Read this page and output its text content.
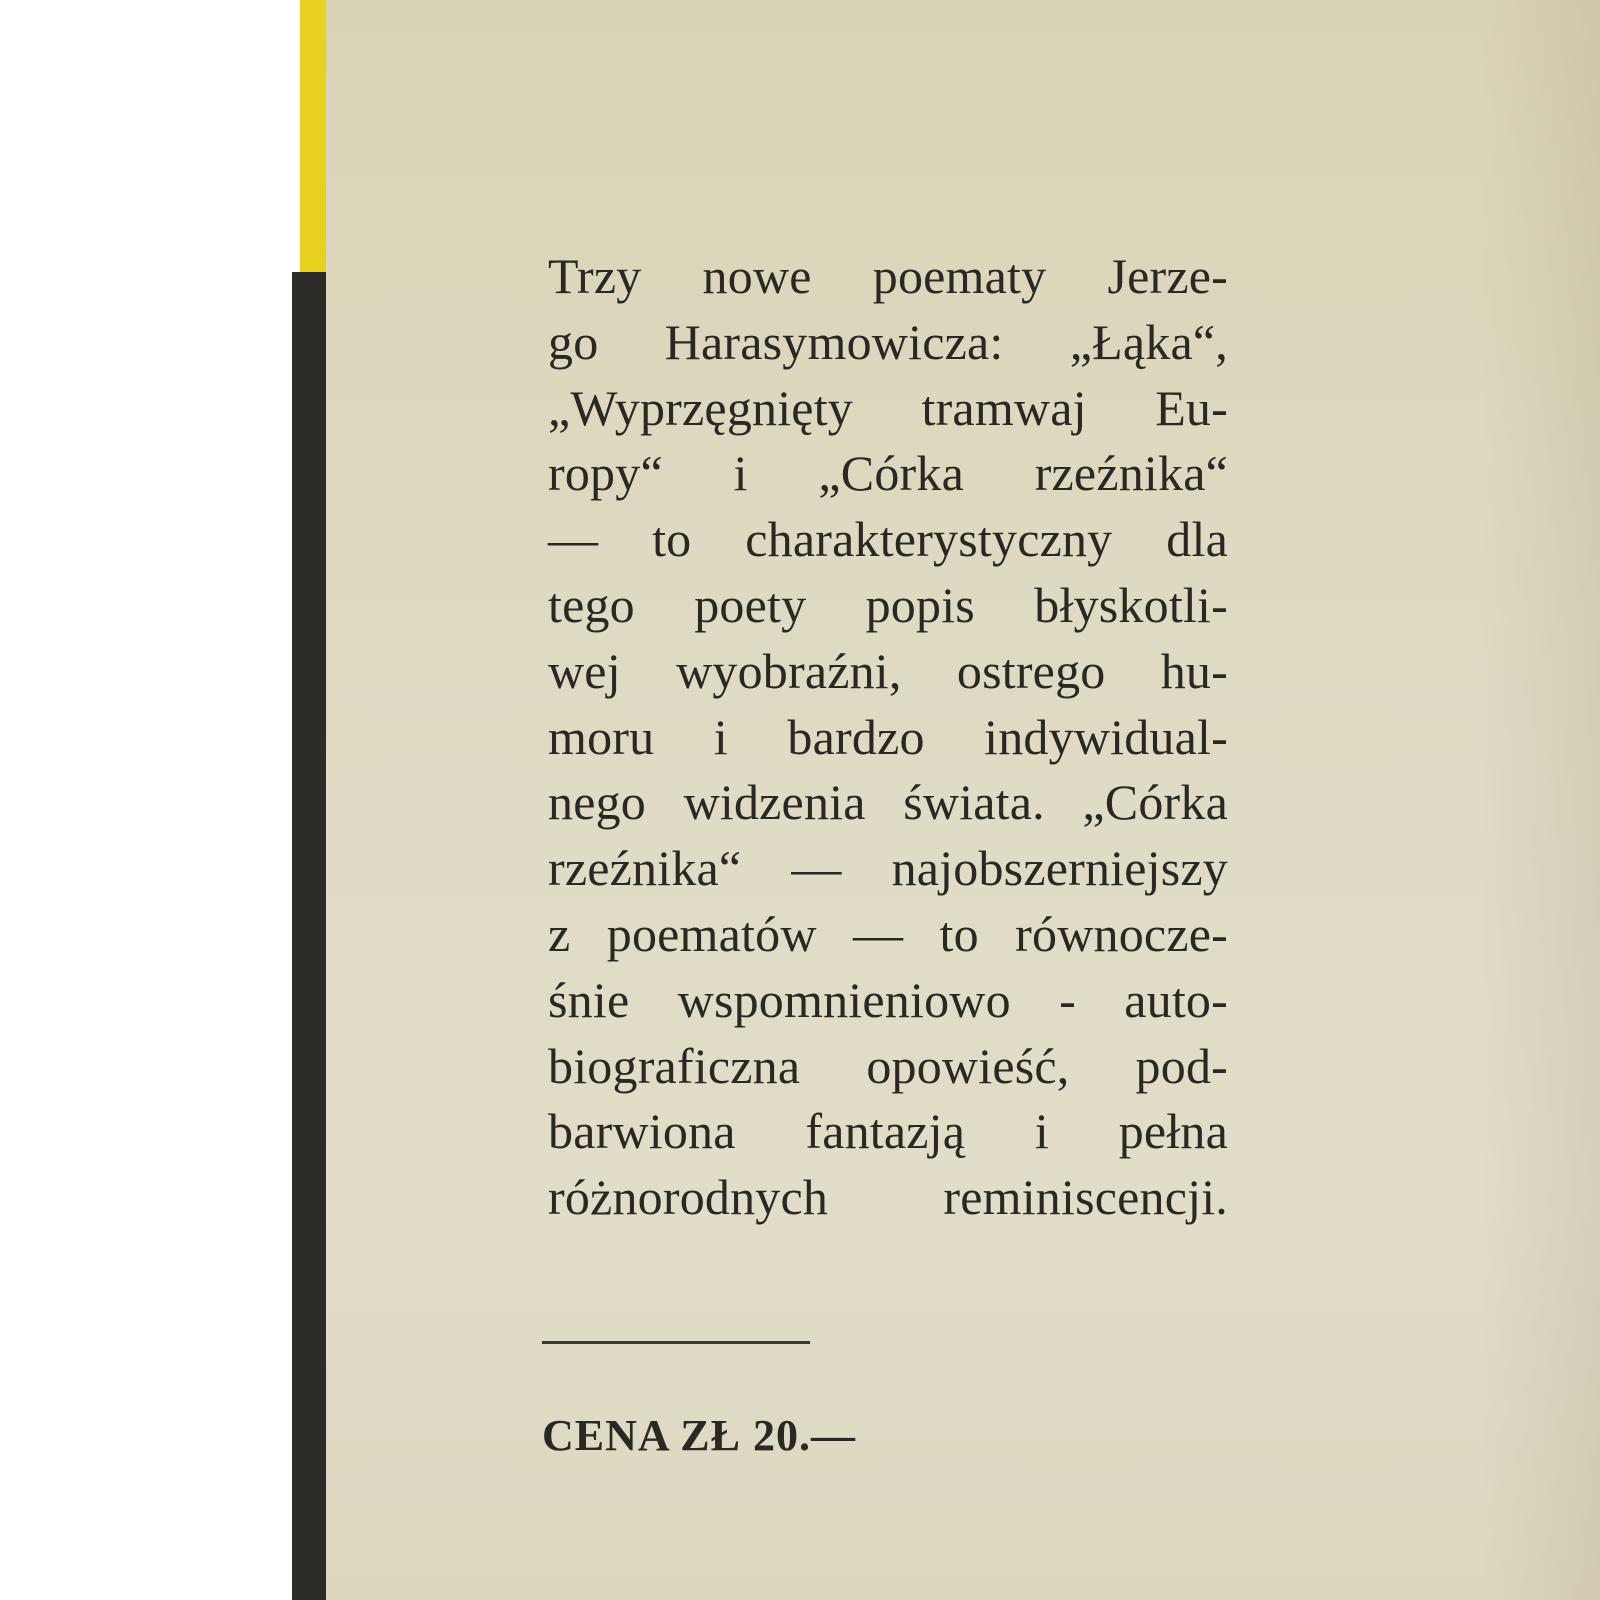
Trzy nowe poematy Jerze-
go Harasymowicza: „Łąka“,
„Wyprzęgnięty tramwaj Eu-
ropy“ i „Córka rzeźnika“
— to charakterystyczny dla
tego poety popis błyskotli-
wej wyobraźni, ostrego hu-
moru i bardzo indywidual-
nego widzenia świata. „Córka
rzeźnika“ — najobszerniejszy
z poematów — to równocze-
śnie wspomnieniowo - auto-
biograficzna opowieść, pod-
barwiona fantazją i pełna
różnorodnych reminiscencji.
CENA ZŁ 20.—
